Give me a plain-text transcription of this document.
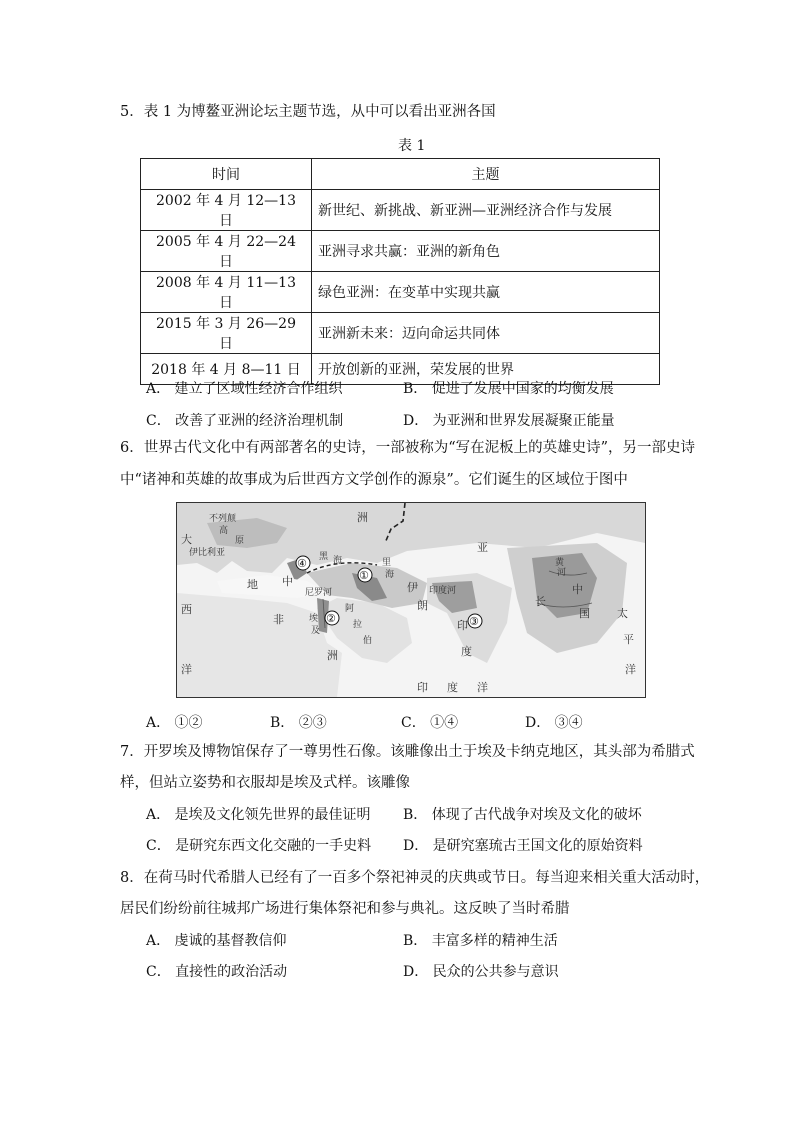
5．表 1 为博鳌亚洲论坛主题节选，从中可以看出亚洲各国
表 1
时间	主题
2002 年 4 月 12—13 日	新世纪、新挑战、新亚洲—亚洲经济合作与发展
2005 年 4 月 22—24 日	亚洲寻求共赢：亚洲的新角色
2008 年 4 月 11—13 日	绿色亚洲：在变革中实现共赢
2015 年 3 月 26—29 日	亚洲新未来：迈向命运共同体
2018 年 4 月 8—11 日	开放创新的亚洲，荣发展的世界
A． 建立了区域性经济合作组织	B． 促进了发展中国家的均衡发展
C． 改善了亚洲的经济治理机制	D． 为亚洲和世界发展凝聚正能量
6．世界古代文化中有两部著名的史诗，一部被称为“写在泥板上的英雄史诗”，另一部史诗
中“诸神和英雄的故事成为后世西方文学创作的源泉”。它们诞生的区域位于图中
不列颠
高
原
伊比利亚
大
西
洋
地 中
洲
黑 海	里
海
伊
朗
阿
拉
伯
埃
及
尼罗河
非
洲
印度河
印
度
亚
黄
河
长
中
国 太
平
洋
印 度 洋
①
②	③
④
A． ①②	B． ②③	C． ①④	D． ③④
7．开罗埃及博物馆保存了一尊男性石像。该雕像出土于埃及卡纳克地区，其头部为希腊式
样，但站立姿势和衣服却是埃及式样。该雕像
A． 是埃及文化领先世界的最佳证明 B． 体现了古代战争对埃及文化的破坏
C． 是研究东西文化交融的一手史料 D． 是研究塞琉古王国文化的原始资料
8．在荷马时代希腊人已经有了一百多个祭祀神灵的庆典或节日。每当迎来相关重大活动时，
居民们纷纷前往城邦广场进行集体祭祀和参与典礼。这反映了当时希腊
A． 虔诚的基督教信仰	B． 丰富多样的精神生活
C． 直接性的政治活动	D． 民众的公共参与意识
